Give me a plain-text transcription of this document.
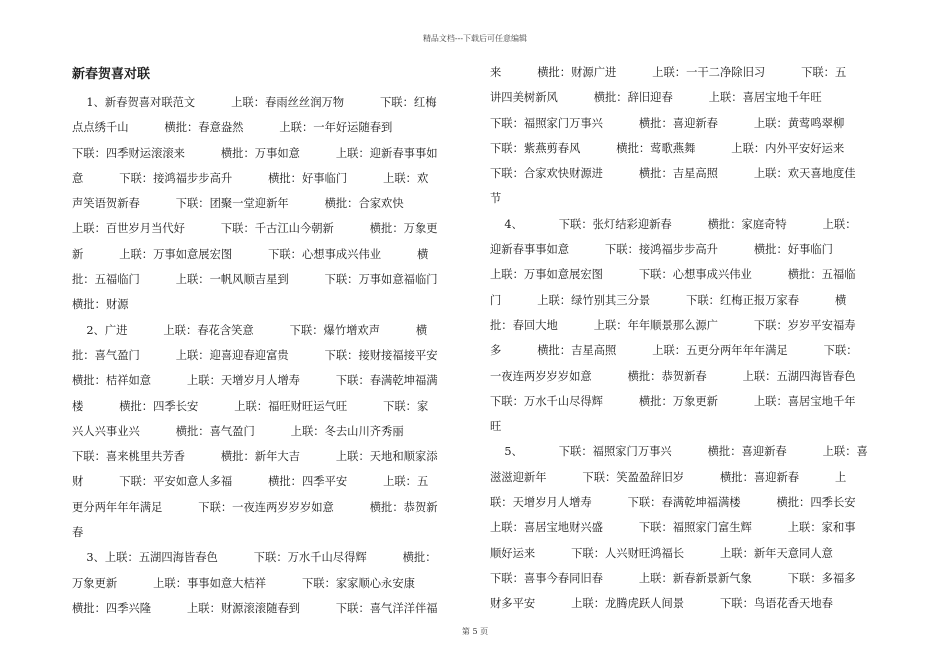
精品文档---下载后可任意编辑
新春贺喜对联
1、新春贺喜对联范文          上联：春雨丝丝润万物          下联：红梅
点点绣千山          横批：春意盎然          上联：一年好运随春到
下联：四季财运滚滚来          横批：万事如意          上联：迎新春事事如
意          下联：接鸿福步步高升          横批：好事临门          上联：欢
声笑语贺新春          下联：团聚一堂迎新年          横批：合家欢快
上联：百世岁月当代好          下联：千古江山今朝新          横批：万象更
新          上联：万事如意展宏图          下联：心想事成兴伟业          横
批：五福临门          上联：一帆风顺吉星到          下联：万事如意福临门
横批：财源
2、广进          上联：春花含笑意          下联：爆竹增欢声          横
批：喜气盈门          上联：迎喜迎春迎富贵          下联：接财接福接平安
横批：桔祥如意          上联：天增岁月人增寿          下联：春满乾坤福满
楼          横批：四季长安          上联：福旺财旺运气旺          下联：家
兴人兴事业兴          横批：喜气盈门          上联：冬去山川齐秀丽
下联：喜来桃里共芳香          横批：新年大吉          上联：天地和顺家添
财          下联：平安如意人多福          横批：四季平安          上联：五
更分两年年年满足          下联：一夜连两岁岁岁如意          横批：恭贺新
春
3、上联：五湖四海皆春色          下联：万水千山尽得辉          横批：
万象更新          上联：事事如意大桔祥          下联：家家顺心永安康
横批：四季兴隆          上联：财源滚滚随春到          下联：喜气洋洋伴福
来          横批：财源广进          上联：一干二净除旧习          下联：五
讲四美树新风          横批：辞旧迎春          上联：喜居宝地千年旺
下联：福照家门万事兴          横批：喜迎新春          上联：黄莺鸣翠柳
下联：紫燕剪春风          横批：莺歌燕舞          上联：内外平安好运来
下联：合家欢快财源进          横批：吉星高照          上联：欢天喜地度佳
节
4、          下联：张灯结彩迎新春          横批：家庭奇特          上联：
迎新春事事如意          下联：接鸿福步步高升          横批：好事临门
上联：万事如意展宏图          下联：心想事成兴伟业          横批：五福临
门          上联：绿竹别其三分景          下联：红梅正报万家春          横
批：春回大地          上联：年年顺景那么源广          下联：岁岁平安福寿
多          横批：吉星高照          上联：五更分两年年年满足          下联：
一夜连两岁岁岁如意          横批：恭贺新春          上联：五湖四海皆春色
下联：万水千山尽得辉          横批：万象更新          上联：喜居宝地千年
旺
5、          下联：福照家门万事兴          横批：喜迎新春          上联：喜
滋滋迎新年          下联：笑盈盈辞旧岁          横批：喜迎新春          上
联：天增岁月人增寿          下联：春满乾坤福满楼          横批：四季长安
上联：喜居宝地财兴盛          下联：福照家门富生辉          上联：家和事
顺好运来          下联：人兴财旺鸿福长          上联：新年天意同人意
下联：喜事今春同旧春          上联：新春新景新气象          下联：多福多
财多平安          上联：龙腾虎跃人间景          下联：鸟语花香天地春
第 5 页
